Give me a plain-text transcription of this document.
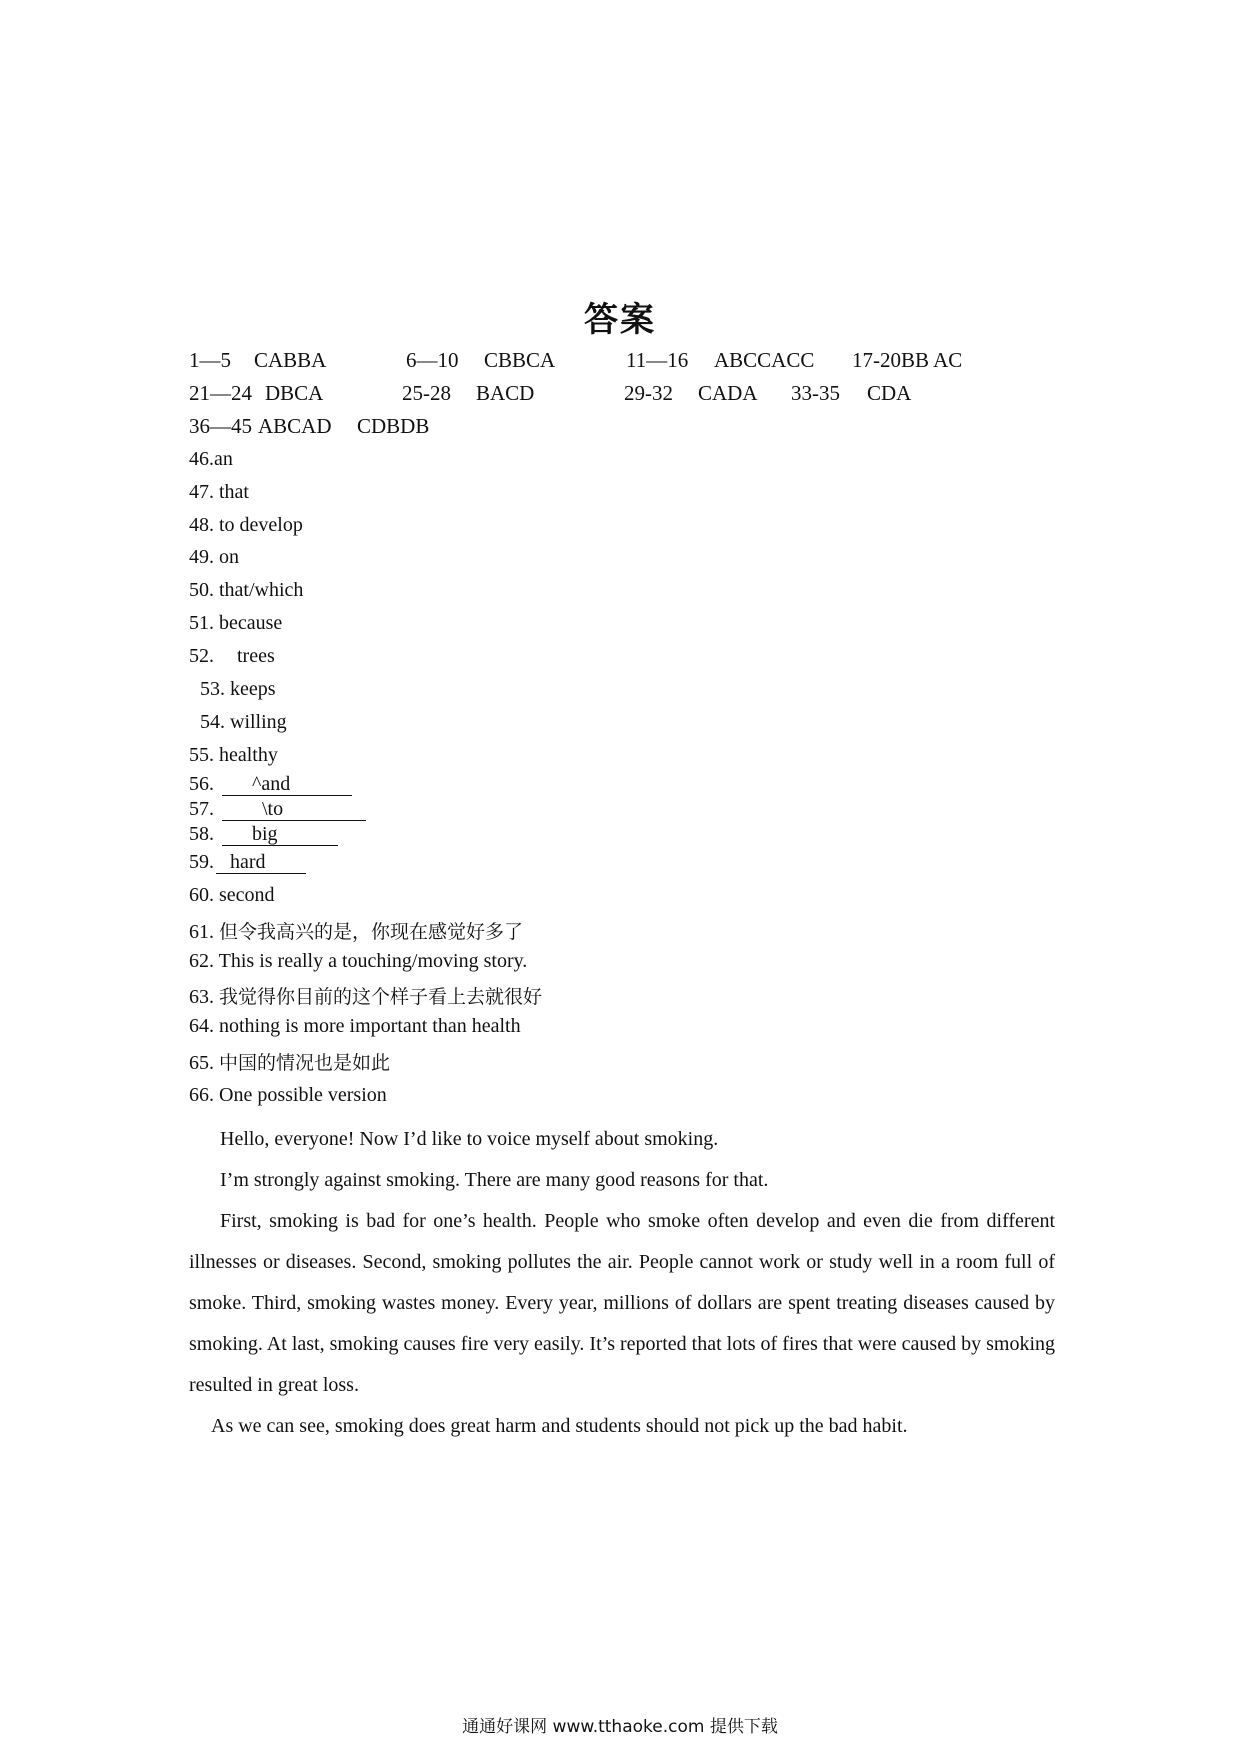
答案
1—5 CABBA	6—10 CBBCA	11—16 ABCCACC 17-20BB AC
21—24 DBCA	25-28 BACD	29-32 CADA 33-35 CDA
36—45 ABCAD CDBDB
46.an
47. that
48. to develop
49. on
50. that/which
51. because
52. trees
53. keeps
54. willing
55. healthy
56. ^and
57. \to
58. big
59. hard
60. second
61. 但令我高兴的是，你现在感觉好多了
62. This is really a touching/moving story.
63. 我觉得你目前的这个样子看上去就很好
64. nothing is more important than health
65. 中国的情况也是如此
66. One possible version

Hello, everyone! Now I’d like to voice myself about smoking.

I’m strongly against smoking. There are many good reasons for that.

First, smoking is bad for one’s health. People who smoke often develop and even die from different illnesses or diseases. Second, smoking pollutes the air. People cannot work or study well in a room full of smoke. Third, smoking wastes money. Every year, millions of dollars are spent treating diseases caused by smoking. At last, smoking causes fire very easily. It’s reported that lots of fires that were caused by smoking resulted in great loss.

As we can see, smoking does great harm and students should not pick up the bad habit.

通通好课网 www.tthaoke.com 提供下载
